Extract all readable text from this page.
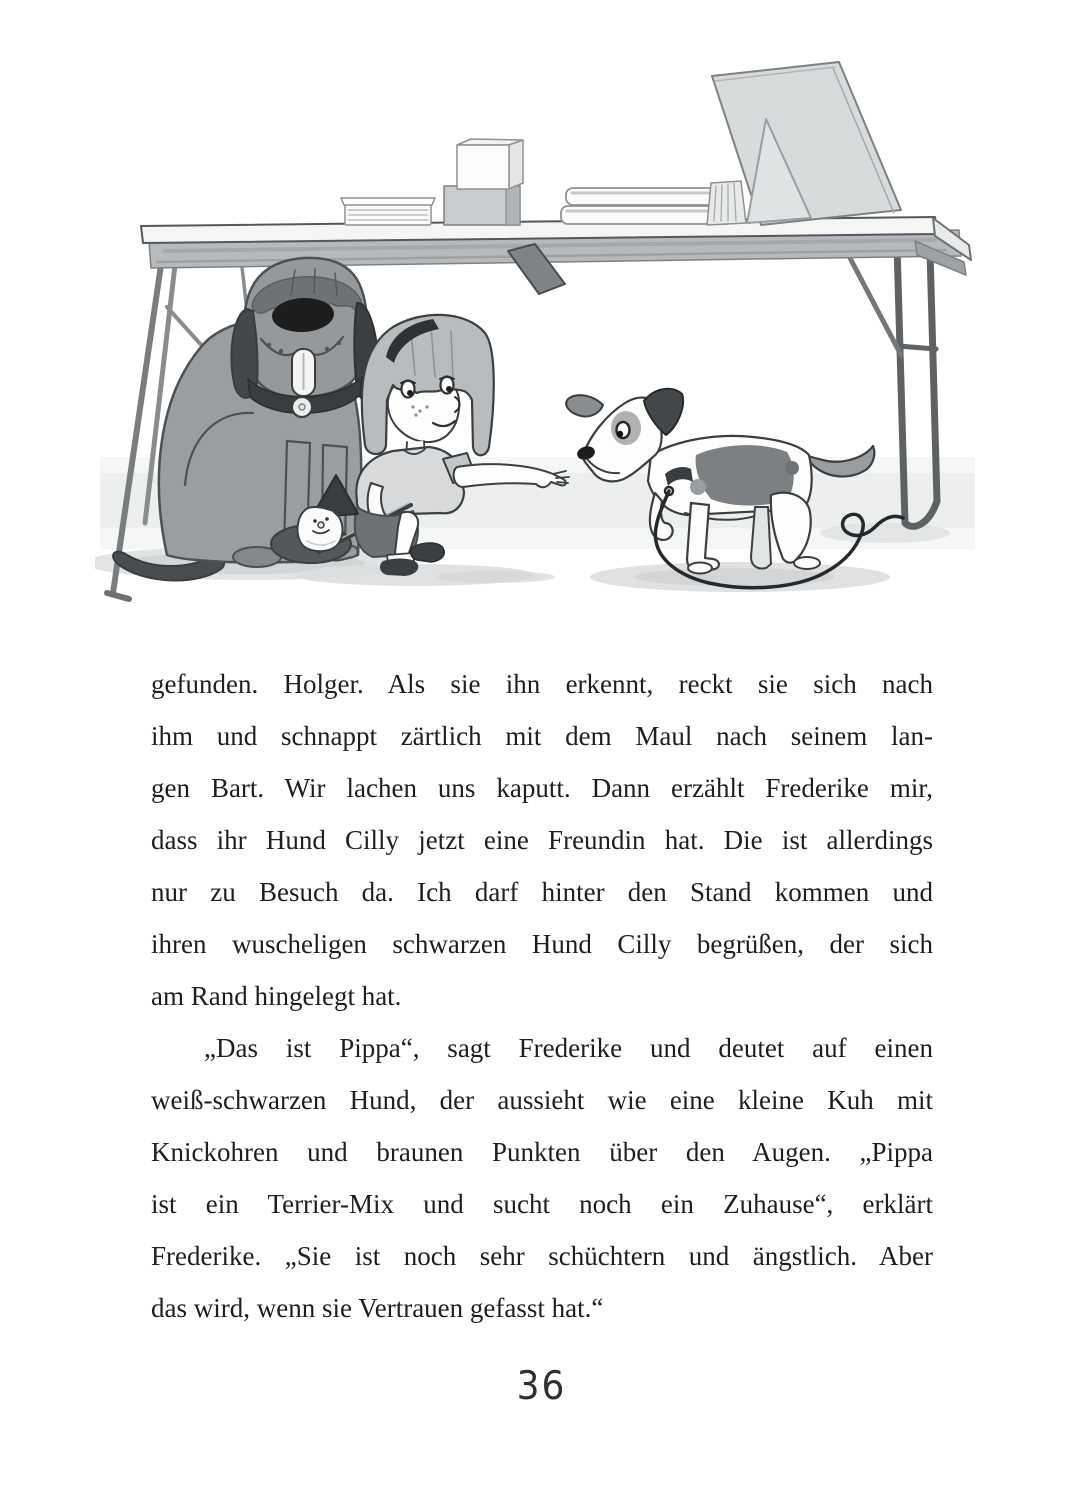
gefunden. Holger. Als sie ihn erkennt, reckt sie sich nach
ihm und schnappt zärtlich mit dem Maul nach seinem lan-
gen Bart. Wir lachen uns kaputt. Dann erzählt Frederike mir,
dass ihr Hund Cilly jetzt eine Freundin hat. Die ist allerdings
nur zu Besuch da. Ich darf hinter den Stand kommen und
ihren wuscheligen schwarzen Hund Cilly begrüßen, der sich
am Rand hingelegt hat.
„Das ist Pippa“, sagt Frederike und deutet auf einen
weiß-schwarzen Hund, der aussieht wie eine kleine Kuh mit
Knickohren und braunen Punkten über den Augen. „Pippa
ist ein Terrier-Mix und sucht noch ein Zuhause“, erklärt
Frederike. „Sie ist noch sehr schüchtern und ängstlich. Aber
das wird, wenn sie Vertrauen gefasst hat.“
36
